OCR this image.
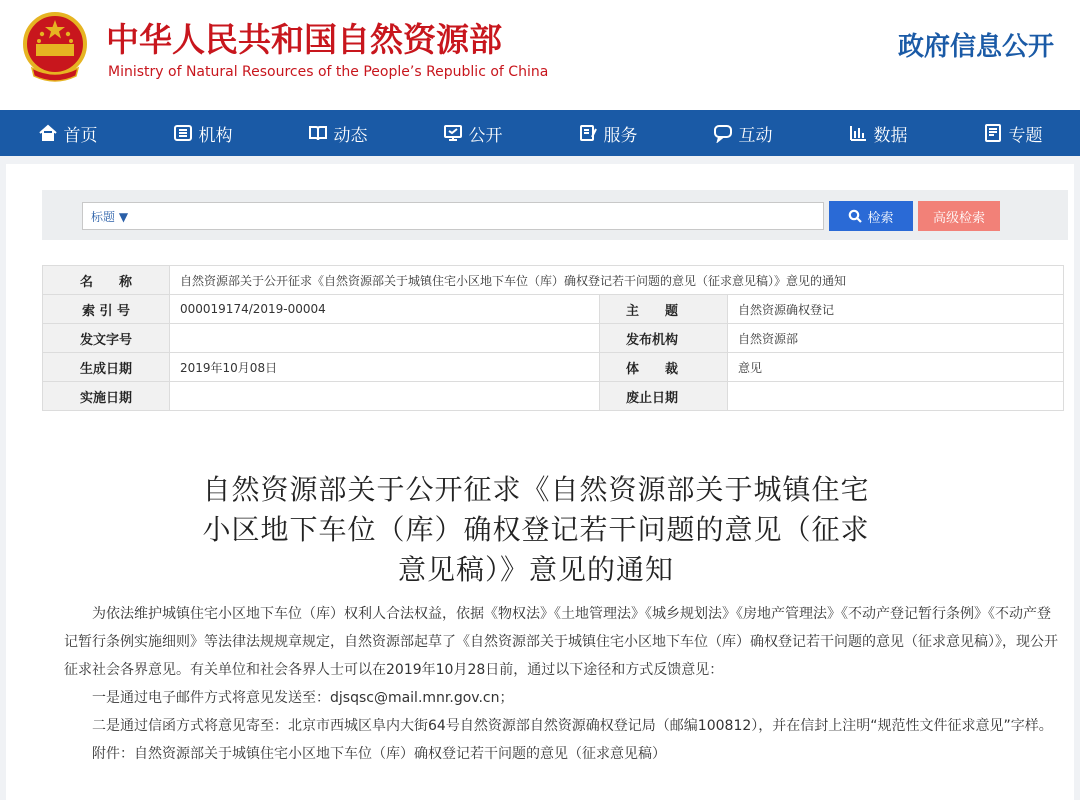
中华人民共和国自然资源部
Ministry of Natural Resources of the People’s Republic of China
政府信息公开
首页	机构	动态	公开	服务	互动	数据	专题
标题 ▼	检索	高级检索
名　　称	自然资源部关于公开征求《自然资源部关于城镇住宅小区地下车位（库）确权登记若干问题的意见（征求意见稿）》意见的通知		
索 引 号	000019174/2019-00004	主　　题	自然资源确权登记
发文字号		发布机构	自然资源部
生成日期	2019年10月08日	体　　裁	意见
实施日期		废止日期	
自然资源部关于公开征求《自然资源部关于城镇住宅
小区地下车位（库）确权登记若干问题的意见（征求
意见稿）》意见的通知

为依法维护城镇住宅小区地下车位（库）权利人合法权益，依据《物权法》《土地管理法》《城乡规划法》《房地产管理法》《不动产登记暂行条例》《不动产登记暂行条例实施细则》等法律法规规章规定，自然资源部起草了《自然资源部关于城镇住宅小区地下车位（库）确权登记若干问题的意见（征求意见稿）》，现公开征求社会各界意见。有关单位和社会各界人士可以在2019年10月28日前，通过以下途径和方式反馈意见：

一是通过电子邮件方式将意见发送至：djsqsc@mail.mnr.gov.cn；

二是通过信函方式将意见寄至：北京市西城区阜内大街64号自然资源部自然资源确权登记局（邮编100812），并在信封上注明“规范性文件征求意见”字样。

附件：自然资源部关于城镇住宅小区地下车位（库）确权登记若干问题的意见（征求意见稿）
